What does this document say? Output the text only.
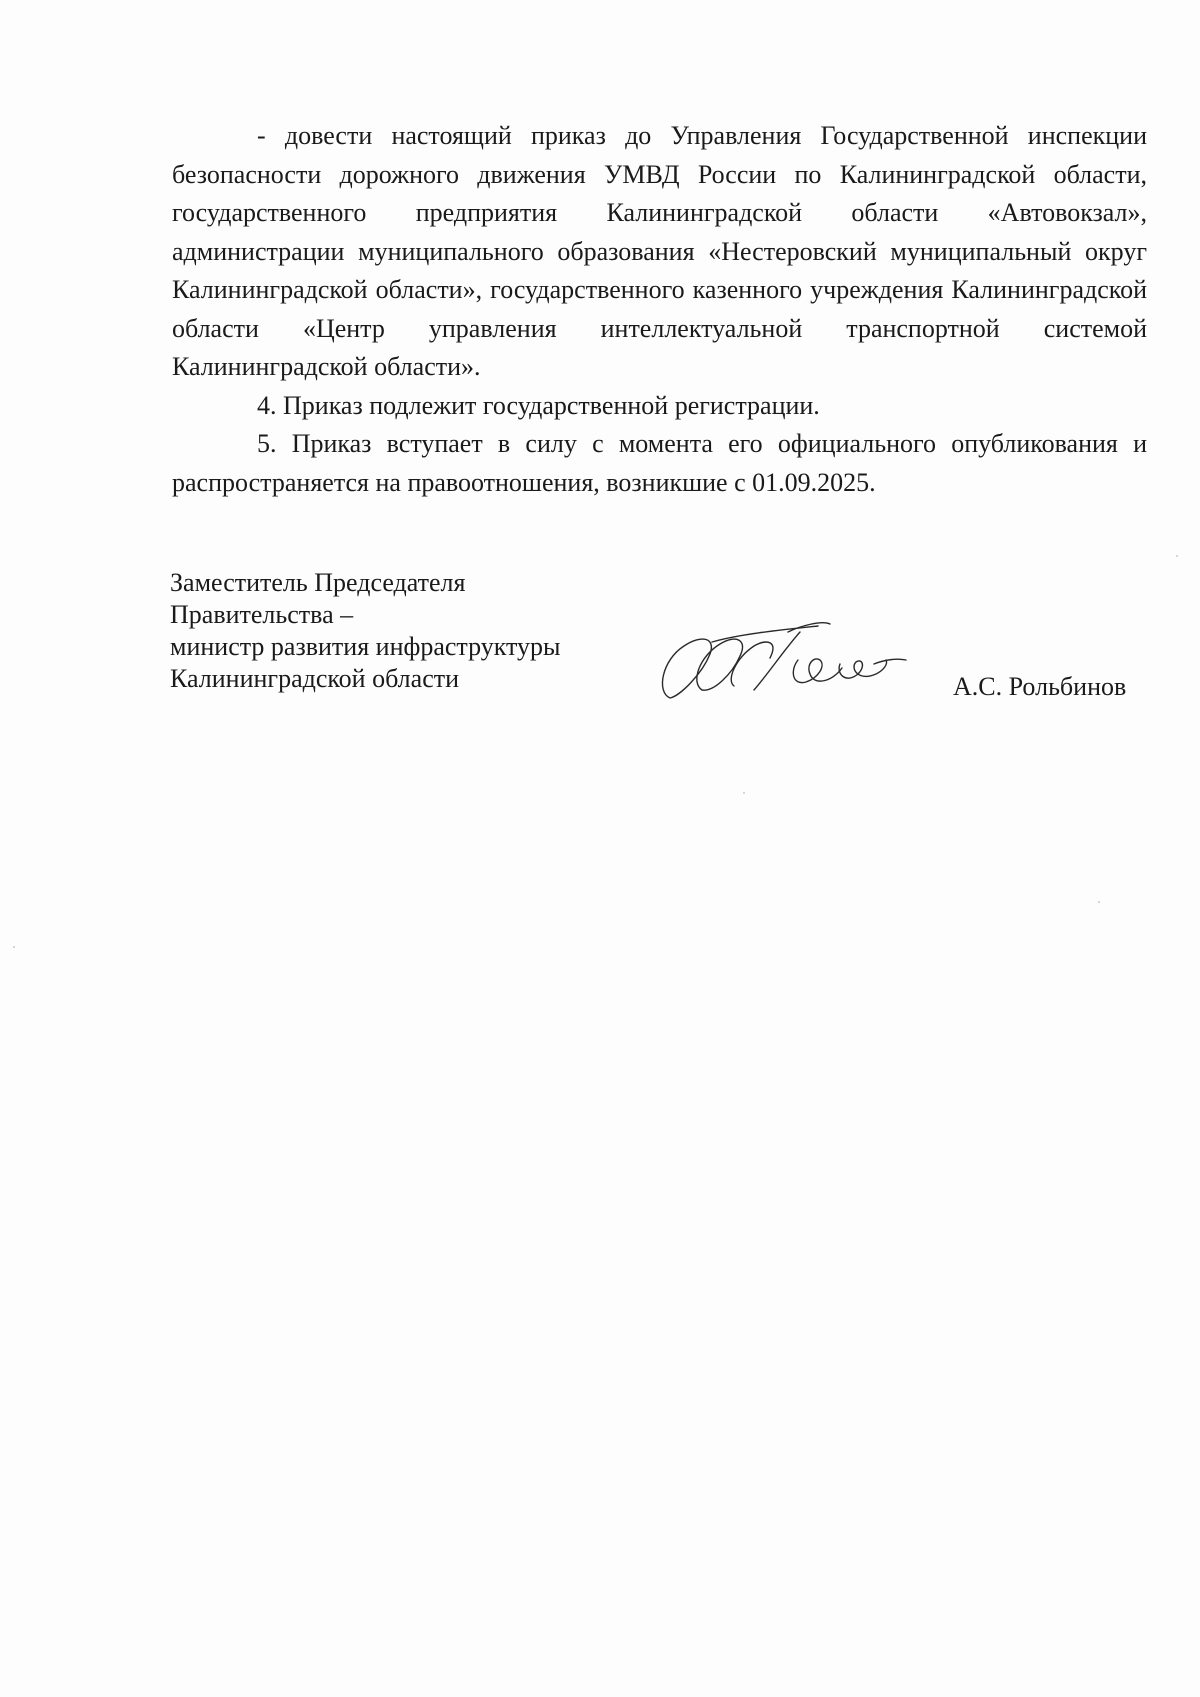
- довести настоящий приказ до Управления Государственной инспекции безопасности дорожного движения УМВД России по Калининградской области, государственного предприятия Калининградской области «Автовокзал», администрации муниципального образования «Нестеровский муниципальный округ Калининградской области», государственного казенного учреждения Калининградской области «Центр управления интеллектуальной транспортной системой Калининградской области».

4. Приказ подлежит государственной регистрации.

5. Приказ вступает в силу с момента его официального опубликования и распространяется на правоотношения, возникшие с 01.09.2025.

Заместитель Председателя
Правительства –
министр развития инфраструктуры
Калининградской области	А.С. Рольбинов
